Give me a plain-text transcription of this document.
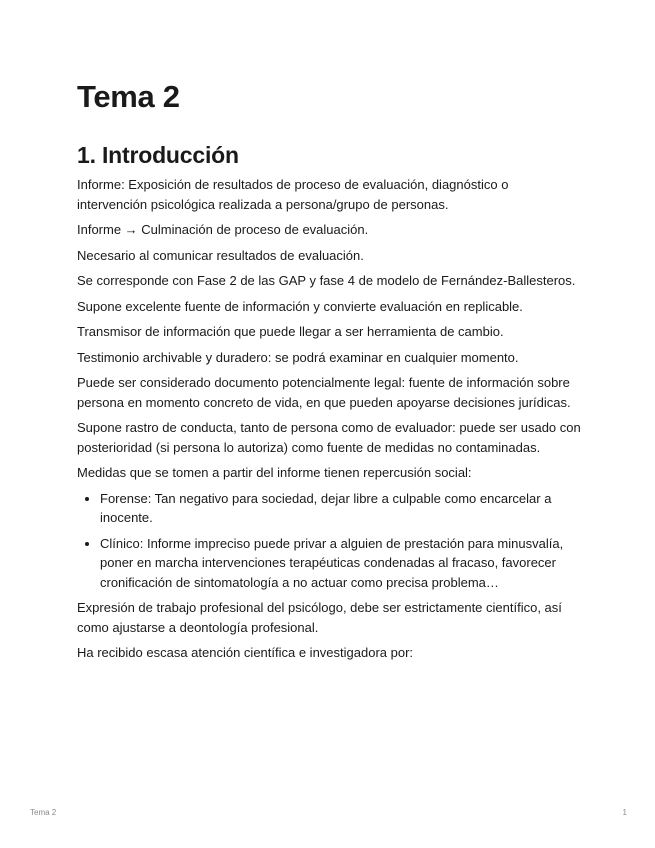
Tema 2
1. Introducción

Informe: Exposición de resultados de proceso de evaluación, diagnóstico o intervención psicológica realizada a persona/grupo de personas.

Informe → Culminación de proceso de evaluación.

Necesario al comunicar resultados de evaluación.

Se corresponde con Fase 2 de las GAP y fase 4 de modelo de Fernández-Ballesteros.

Supone excelente fuente de información y convierte evaluación en replicable.

Transmisor de información que puede llegar a ser herramienta de cambio.

Testimonio archivable y duradero: se podrá examinar en cualquier momento.

Puede ser considerado documento potencialmente legal: fuente de información sobre persona en momento concreto de vida, en que pueden apoyarse decisiones jurídicas.

Supone rastro de conducta, tanto de persona como de evaluador: puede ser usado con posterioridad (si persona lo autoriza) como fuente de medidas no contaminadas.

Medidas que se tomen a partir del informe tienen repercusión social:

• Forense: Tan negativo para sociedad, dejar libre a culpable como encarcelar a inocente.
• Clínico: Informe impreciso puede privar a alguien de prestación para minusvalía, poner en marcha intervenciones terapéuticas condenadas al fracaso, favorecer cronificación de sintomatología a no actuar como precisa problema…

Expresión de trabajo profesional del psicólogo, debe ser estrictamente científico, así como ajustarse a deontología profesional.

Ha recibido escasa atención científica e investigadora por:

Tema 2	1
